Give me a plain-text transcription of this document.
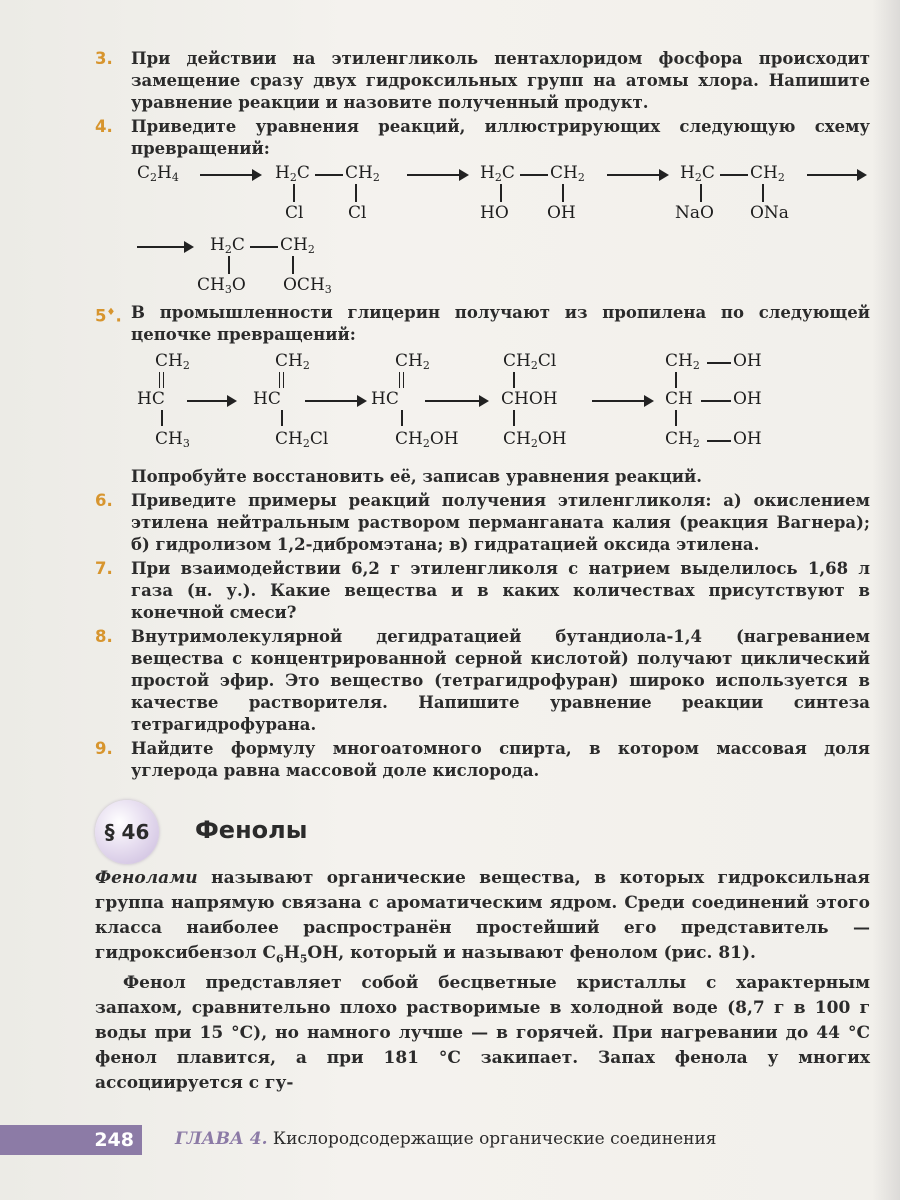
3.	При действии на этиленгликоль пентахлоридом фосфора происходит замещение сразу двух гидроксильных групп на атомы хлора. Напишите уравнение реакции и назовите полученный продукт.
4.	Приведите уравнения реакций, иллюстрирующих следующую схему превращений:
$C_2H_4 \to H_2C$ $CH_2$
Cl	Cl
→ $H_2C$ $CH_2$
HO OH
→ $H_2C$ $CH_2$
NaO ONa
→ $H_2C$ $CH_2$
$CH_3O$ $OCH_3$
5♦. В промышленности глицерин получают из пропилена по следующей цепочке превращений:
$CH_2$
HC
$CH_3$
$CH_2$
HC
$CH_2Cl$
$CH_2$
HC
$CH_2OH$
$CH_2Cl$
CHOH
$CH_2OH$
$CH_2$ OH
CH OH
$CH_2$ OH
Попробуйте восстановить её, записав уравнения реакций.
6.	Приведите примеры реакций получения этиленгликоля: а) окислением этилена нейтральным раствором перманганата калия (реакция Вагнера); б) гидролизом 1,2-дибромэтана; в) гидратацией оксида этилена.
7.	При взаимодействии 6,2 г этиленгликоля с натрием выделилось 1,68 л газа (н. у.). Какие вещества и в каких количествах присутствуют в конечной смеси?
8.	Внутримолекулярной дегидратацией бутандиола-1,4 (нагреванием вещества с концентрированной серной кислотой) получают циклический простой эфир. Это вещество (тетрагидрофуран) широко используется в качестве растворителя. Напишите уравнение реакции синтеза тетрагидрофурана.
9.	Найдите формулу многоатомного спирта, в котором массовая доля углерода равна массовой доле кислорода.
§ 46	Фенолы

Фенолами называют органические вещества, в которых гидроксильная группа напрямую связана с ароматическим ядром. Среди соединений этого класса наиболее распространён простейший его представитель — гидроксибензол $C_6H_5OH$, который и называют фенолом (рис. 81).

Фенол представляет собой бесцветные кристаллы с характерным запахом, сравнительно плохо растворимые в холодной воде (8,7 г в 100 г воды при 15 °C), но намного лучше — в горячей. При нагревании до 44 °C фенол плавится, а при 181 °C закипает. Запах фенола у многих ассоциируется с гу-

248	ГЛАВА 4. Кислородсодержащие органические соединения
